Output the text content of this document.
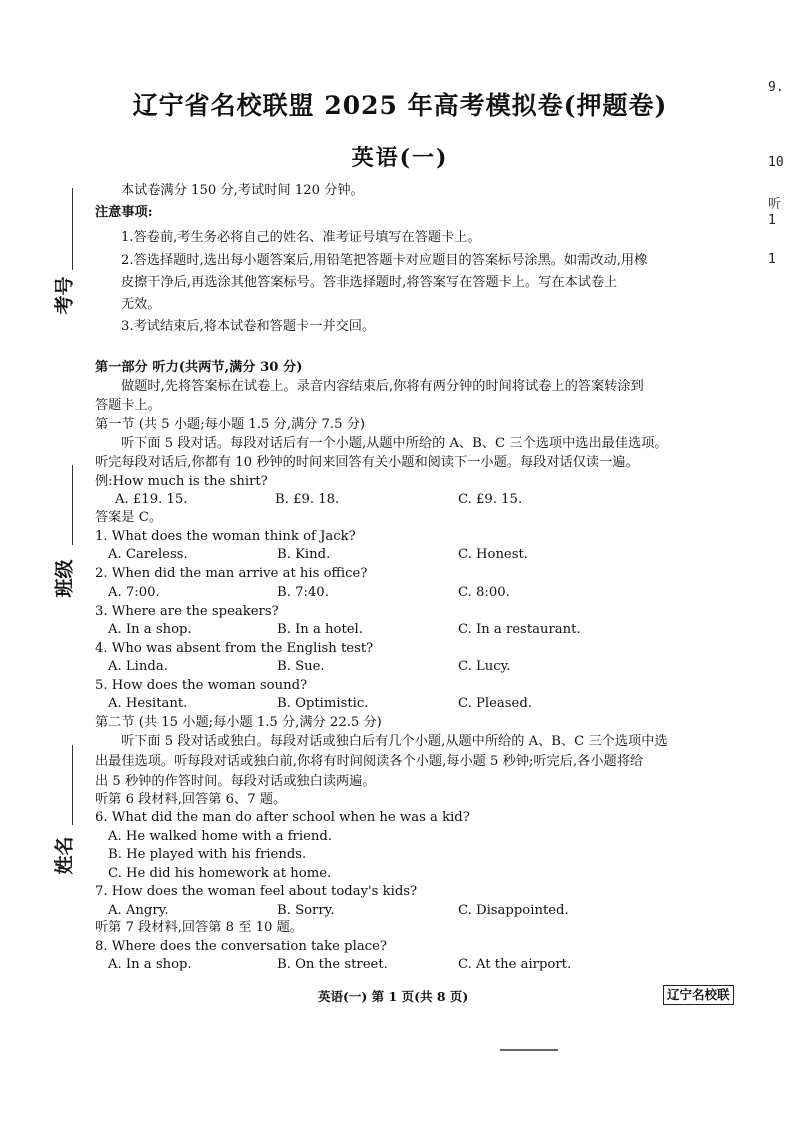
考号
班级
姓名
9.
10
听
1
1
辽宁省名校联盟 2025 年高考模拟卷(押题卷)
英语(一)
本试卷满分 150 分,考试时间 120 分钟。
注意事项:
1.答卷前,考生务必将自己的姓名、准考证号填写在答题卡上。
2.答选择题时,选出每小题答案后,用铅笔把答题卡对应题目的答案标号涂黑。如需改动,用橡
皮擦干净后,再选涂其他答案标号。答非选择题时,将答案写在答题卡上。写在本试卷上
无效。
3.考试结束后,将本试卷和答题卡一并交回。
第一部分 听力(共两节,满分 30 分)
做题时,先将答案标在试卷上。录音内容结束后,你将有两分钟的时间将试卷上的答案转涂到
答题卡上。
第一节 (共 5 小题;每小题 1.5 分,满分 7.5 分)
听下面 5 段对话。每段对话后有一个小题,从题中所给的 A、B、C 三个选项中选出最佳选项。
听完每段对话后,你都有 10 秒钟的时间来回答有关小题和阅读下一小题。每段对话仅读一遍。
例:How much is the shirt?
A. £19. 15.	B. £9. 18.	C. £9. 15.
答案是 C。
1. What does the woman think of Jack?
A. Careless.	B. Kind.	C. Honest.
2. When did the man arrive at his office?
A. 7:00.	B. 7:40.	C. 8:00.
3. Where are the speakers?
A. In a shop.	B. In a hotel.	C. In a restaurant.
4. Who was absent from the English test?
A. Linda.	B. Sue.	C. Lucy.
5. How does the woman sound?
A. Hesitant.	B. Optimistic.	C. Pleased.
第二节 (共 15 小题;每小题 1.5 分,满分 22.5 分)
听下面 5 段对话或独白。每段对话或独白后有几个小题,从题中所给的 A、B、C 三个选项中选
出最佳选项。听每段对话或独白前,你将有时间阅读各个小题,每小题 5 秒钟;听完后,各小题将给
出 5 秒钟的作答时间。每段对话或独白读两遍。
听第 6 段材料,回答第 6、7 题。
6. What did the man do after school when he was a kid?
A. He walked home with a friend.
B. He played with his friends.
C. He did his homework at home.
7. How does the woman feel about today's kids?
A. Angry.	B. Sorry.	C. Disappointed.
听第 7 段材料,回答第 8 至 10 题。
8. Where does the conversation take place?
A. In a shop.	B. On the street.	C. At the airport.
英语(一) 第 1 页(共 8 页)	辽宁名校联
